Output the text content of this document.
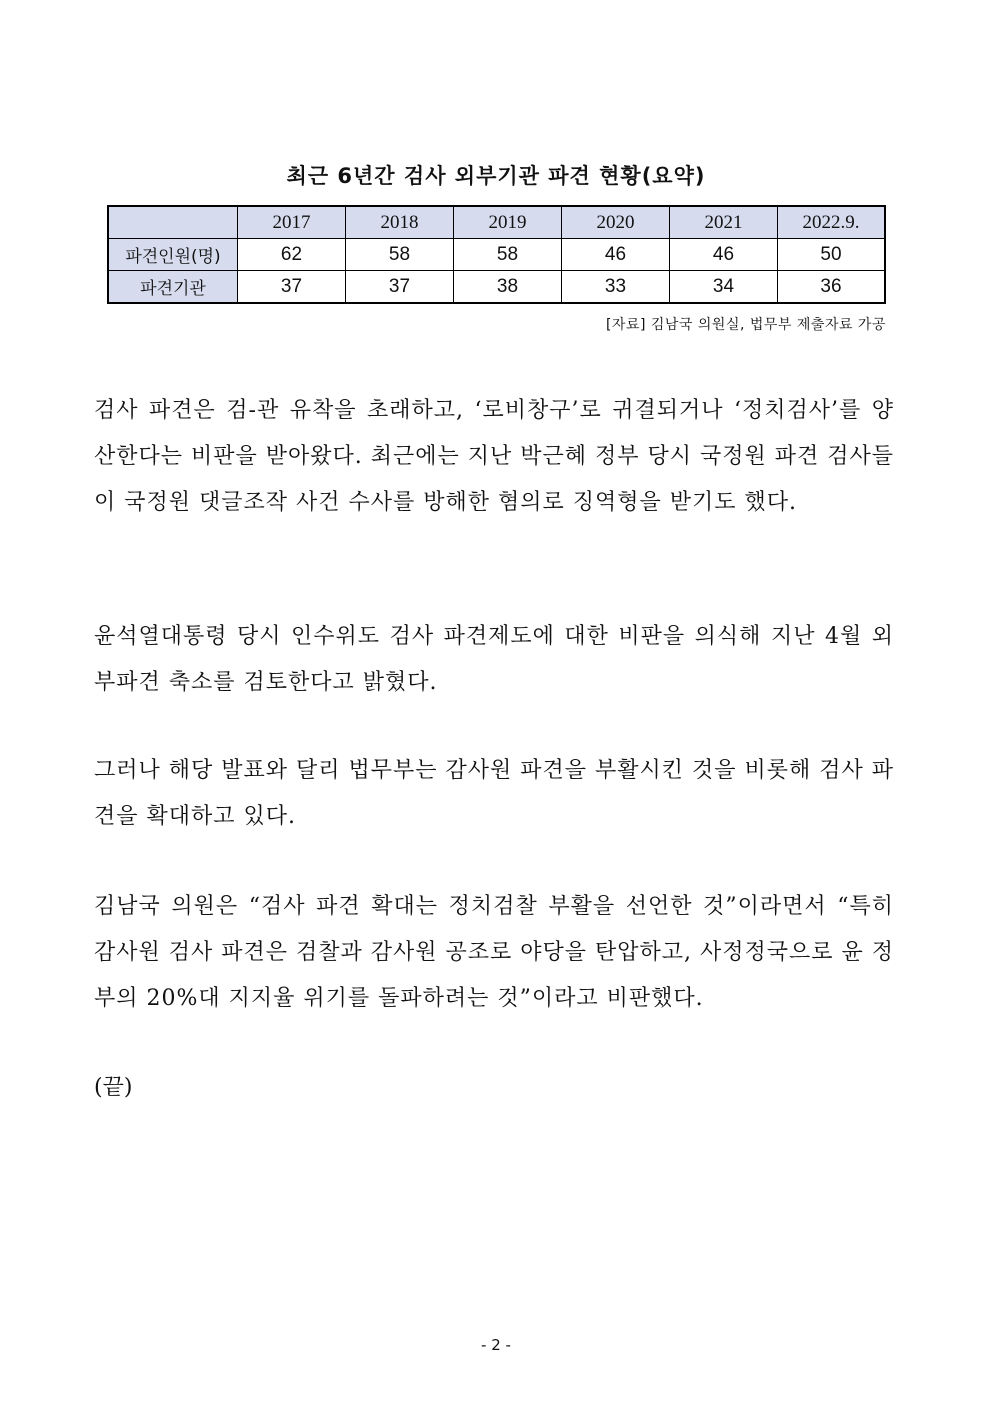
최근 6년간 검사 외부기관 파견 현황(요약)
	2017	2018	2019	2020	2021	2022.9.
파견인원(명)	62	58	58	46	46	50
파견기관	37	37	38	33	34	36
[자료] 김남국 의원실, 법무부 제출자료 가공

검사 파견은 검-관 유착을 초래하고, ‘로비창구’로 귀결되거나 ‘정치검사’를 양산한다는 비판을 받아왔다. 최근에는 지난 박근혜 정부 당시 국정원 파견 검사들이 국정원 댓글조작 사건 수사를 방해한 혐의로 징역형을 받기도 했다.

윤석열대통령 당시 인수위도 검사 파견제도에 대한 비판을 의식해 지난 4월 외부파견 축소를 검토한다고 밝혔다.

그러나 해당 발표와 달리 법무부는 감사원 파견을 부활시킨 것을 비롯해 검사 파견을 확대하고 있다.

김남국 의원은 “검사 파견 확대는 정치검찰 부활을 선언한 것”이라면서 “특히 감사원 검사 파견은 검찰과 감사원 공조로 야당을 탄압하고, 사정정국으로 윤 정부의 20%대 지지율 위기를 돌파하려는 것”이라고 비판했다.

(끝)
- 2 -
